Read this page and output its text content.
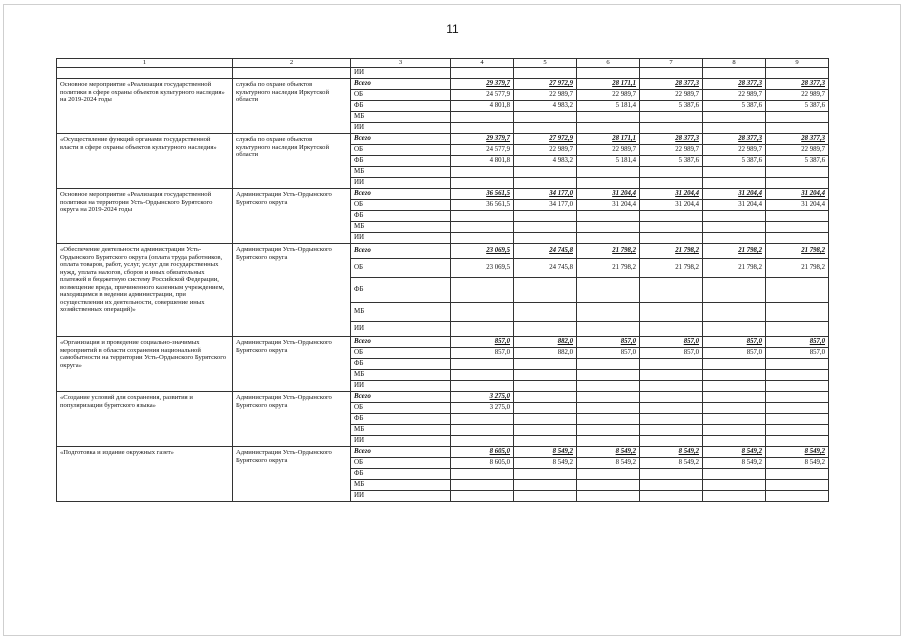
11
1	2	3	4	5	6	7	8	9
		ИИ						
Основное мероприятие «Реализация государственной политики в сфере охраны объектов культурного наследия» на 2019-2024 годы	служба по охране объектов культурного наследия Иркутской области	Всего	29 379,7	27 972,9	28 171,1	28 377,3	28 377,3	28 377,3
		ОБ	24 577,9	22 989,7	22 989,7	22 989,7	22 989,7	22 989,7
		ФБ	4 801,8	4 983,2	5 181,4	5 387,6	5 387,6	5 387,6
		МБ						
		ИИ						
«Осуществление функций органами государственной власти в сфере охраны объектов культурного наследия»	служба по охране объектов культурного наследия Иркутской области	Всего	29 379,7	27 972,9	28 171,1	28 377,3	28 377,3	28 377,3
		ОБ	24 577,9	22 989,7	22 989,7	22 989,7	22 989,7	22 989,7
		ФБ	4 801,8	4 983,2	5 181,4	5 387,6	5 387,6	5 387,6
		МБ						
		ИИ						
Основное мероприятие «Реализация государственной политики на территории Усть-Ордынского Бурятского округа на 2019-2024 годы	Администрация Усть-Ордынского Бурятского округа	Всего	36 561,5	34 177,0	31 204,4	31 204,4	31 204,4	31 204,4
		ОБ	36 561,5	34 177,0	31 204,4	31 204,4	31 204,4	31 204,4
		ФБ						
		МБ						
		ИИ						
«Обеспечение деятельности администрации Усть-Ордынского Бурятского округа (оплата труда работников, оплата товаров, работ, услуг, услуг для государственных нужд, уплата налогов, сборов и иных обязательных платежей в бюджетную систему Российской Федерации, возмещение вреда, причиненного казенным учреждением, находящимся в ведении администрации, при осуществлении их деятельности, совершение иных хозяйственных операций)»	Администрация Усть-Ордынского Бурятского округа	Всего	23 069,5	24 745,8	21 798,2	21 798,2	21 798,2	21 798,2
		ОБ	23 069,5	24 745,8	21 798,2	21 798,2	21 798,2	21 798,2
		ФБ						
		МБ						
		ИИ						
«Организация и проведение социально-значимых мероприятий в области сохранения национальной самобытности на территории Усть-Ордынского Бурятского округа»	Администрация Усть-Ордынского Бурятского округа	Всего	857,0	882,0	857,0	857,0	857,0	857,0
		ОБ	857,0	882,0	857,0	857,0	857,0	857,0
		ФБ						
		МБ						
		ИИ						
«Создание условий для сохранения, развития и популяризации бурятского языка»	Администрация Усть-Ордынского Бурятского округа	Всего	3 275,0					
		ОБ	3 275,0					
		ФБ						
		МБ						
		ИИ						
«Подготовка и издание окружных газет»	Администрация Усть-Ордынского Бурятского округа	Всего	8 605,0	8 549,2	8 549,2	8 549,2	8 549,2	8 549,2
		ОБ	8 605,0	8 549,2	8 549,2	8 549,2	8 549,2	8 549,2
		ФБ						
		МБ						
		ИИ						
